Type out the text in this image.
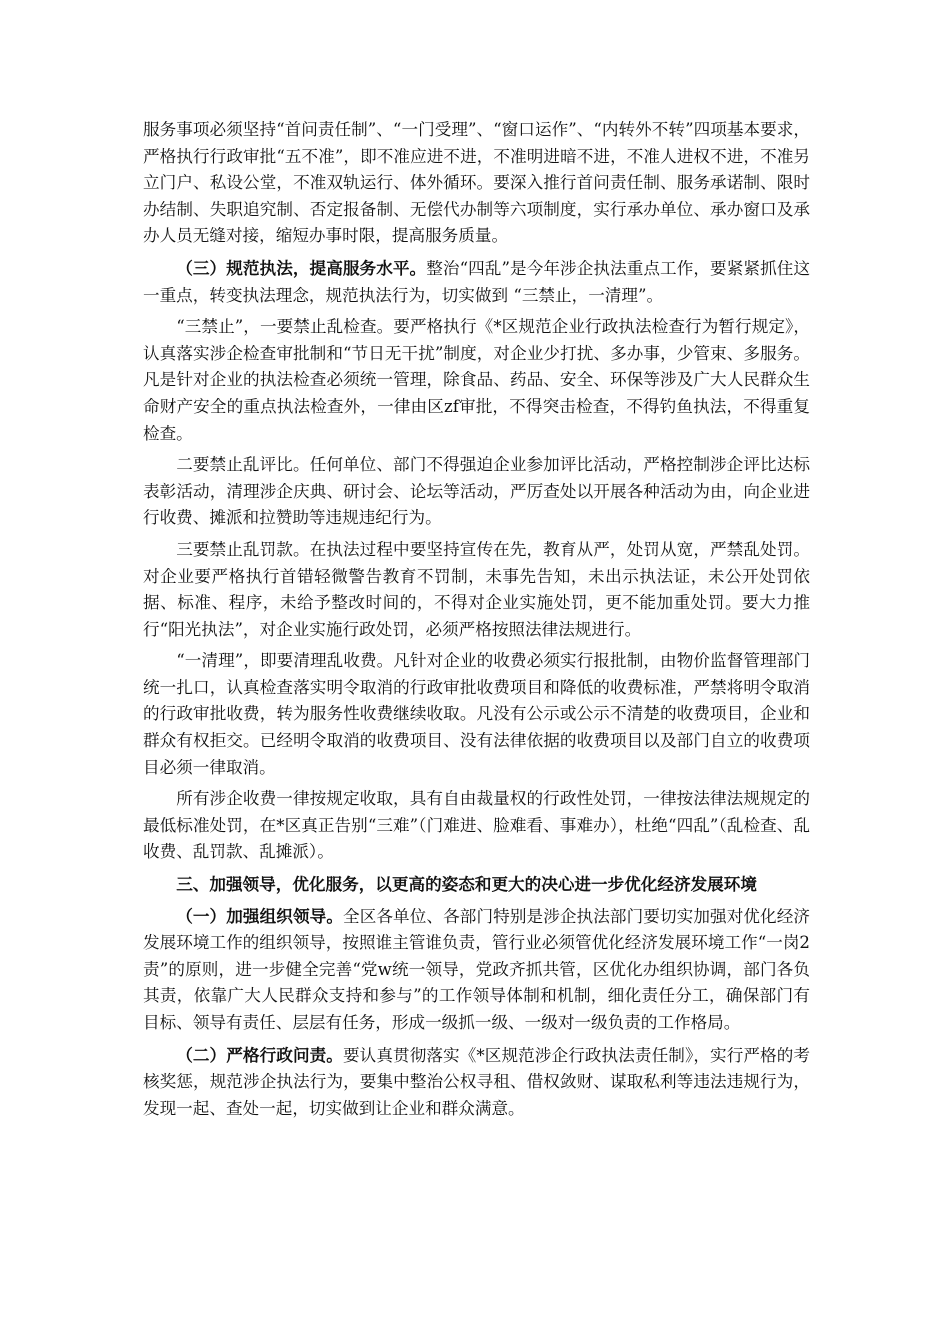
服务事项必须坚持“首问责任制”、“一门受理”、“窗口运作”、“内转外不转”四项基本要求，严格执行行政审批“五不准”，即不准应进不进，不准明进暗不进，不准人进权不进，不准另立门户、私设公堂，不准双轨运行、体外循环。要深入推行首问责任制、服务承诺制、限时办结制、失职追究制、否定报备制、无偿代办制等六项制度，实行承办单位、承办窗口及承办人员无缝对接，缩短办事时限，提高服务质量。

（三）规范执法，提高服务水平。整治“四乱”是今年涉企执法重点工作，要紧紧抓住这一重点，转变执法理念，规范执法行为，切实做到 “三禁止，一清理”。

“三禁止”，一要禁止乱检查。要严格执行《*区规范企业行政执法检查行为暂行规定》，认真落实涉企检查审批制和“节日无干扰”制度，对企业少打扰、多办事，少管束、多服务。凡是针对企业的执法检查必须统一管理，除食品、药品、安全、环保等涉及广大人民群众生命财产安全的重点执法检查外，一律由区zf审批，不得突击检查，不得钓鱼执法，不得重复检查。

二要禁止乱评比。任何单位、部门不得强迫企业参加评比活动，严格控制涉企评比达标表彰活动，清理涉企庆典、研讨会、论坛等活动，严厉查处以开展各种活动为由，向企业进行收费、摊派和拉赞助等违规违纪行为。

三要禁止乱罚款。在执法过程中要坚持宣传在先，教育从严，处罚从宽，严禁乱处罚。对企业要严格执行首错轻微警告教育不罚制，未事先告知，未出示执法证，未公开处罚依据、标准、程序，未给予整改时间的，不得对企业实施处罚，更不能加重处罚。要大力推行“阳光执法”，对企业实施行政处罚，必须严格按照法律法规进行。

“一清理”，即要清理乱收费。凡针对企业的收费必须实行报批制，由物价监督管理部门统一扎口，认真检查落实明令取消的行政审批收费项目和降低的收费标准，严禁将明令取消的行政审批收费，转为服务性收费继续收取。凡没有公示或公示不清楚的收费项目，企业和群众有权拒交。已经明令取消的收费项目、没有法律依据的收费项目以及部门自立的收费项目必须一律取消。

所有涉企收费一律按规定收取，具有自由裁量权的行政性处罚，一律按法律法规规定的最低标准处罚，在*区真正告别“三难”（门难进、脸难看、事难办），杜绝“四乱”（乱检查、乱收费、乱罚款、乱摊派）。

三、加强领导，优化服务，以更高的姿态和更大的决心进一步优化经济发展环境

（一）加强组织领导。全区各单位、各部门特别是涉企执法部门要切实加强对优化经济发展环境工作的组织领导，按照谁主管谁负责，管行业必须管优化经济发展环境工作“一岗2责”的原则，进一步健全完善“党w统一领导，党政齐抓共管，区优化办组织协调，部门各负其责，依靠广大人民群众支持和参与”的工作领导体制和机制，细化责任分工，确保部门有目标、领导有责任、层层有任务，形成一级抓一级、一级对一级负责的工作格局。

（二）严格行政问责。要认真贯彻落实《*区规范涉企行政执法责任制》，实行严格的考核奖惩，规范涉企执法行为，要集中整治公权寻租、借权敛财、谋取私利等违法违规行为，发现一起、查处一起，切实做到让企业和群众满意。
